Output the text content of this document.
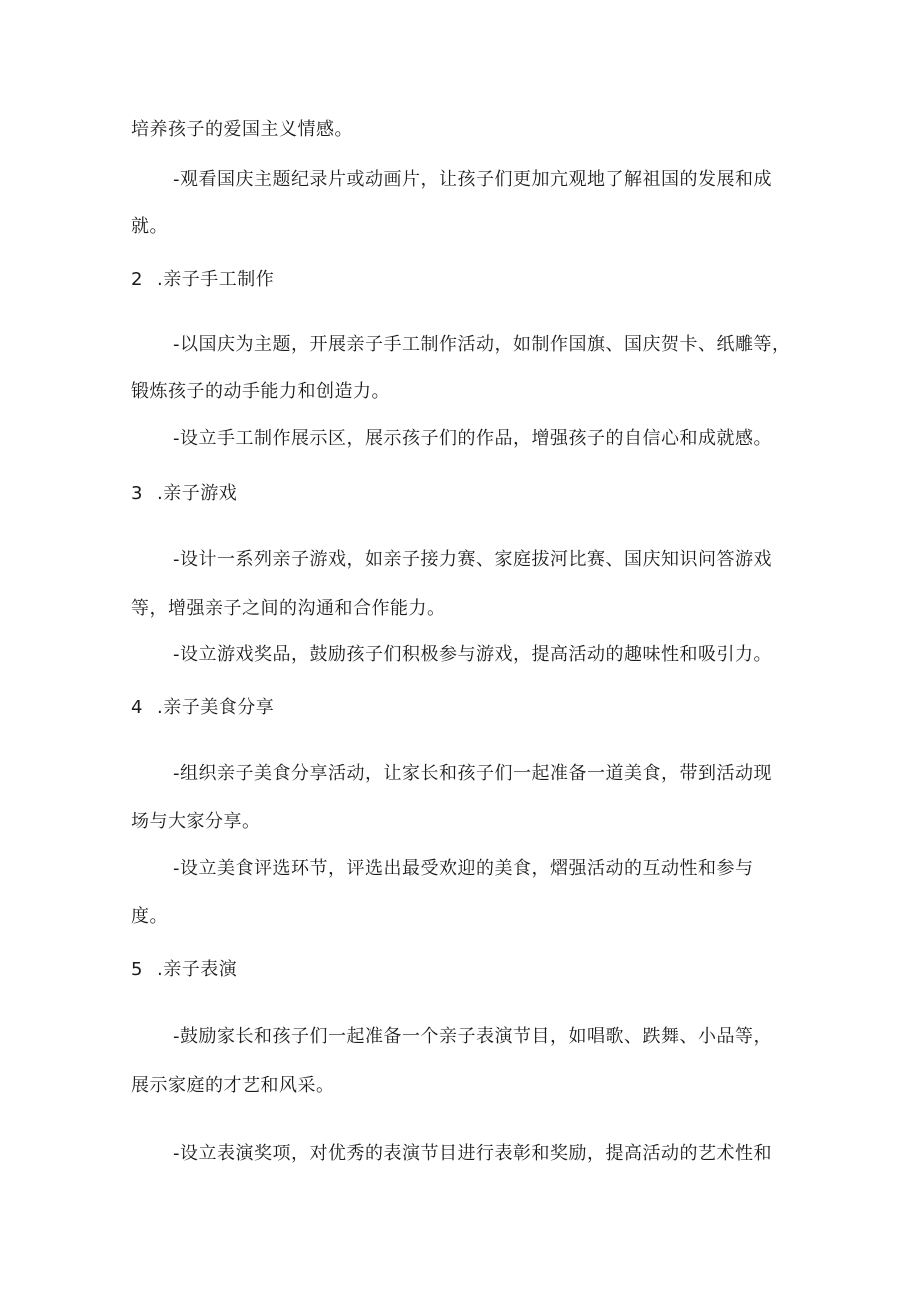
培养孩子的爱国主义情感。
-观看国庆主题纪录片或动画片，让孩子们更加亢观地了解祖国的发展和成
就。
2 .亲子手工制作
-以国庆为主题，开展亲子手工制作活动，如制作国旗、国庆贺卡、纸雕等，
锻炼孩子的动手能力和创造力。
-设立手工制作展示区，展示孩子们的作品，增强孩子的自信心和成就感。
3 .亲子游戏
-设计一系列亲子游戏，如亲子接力赛、家庭拔河比赛、国庆知识问答游戏
等，增强亲子之间的沟通和合作能力。
-设立游戏奖品，鼓励孩子们积极参与游戏，提高活动的趣味性和吸引力。
4 .亲子美食分享
-组织亲子美食分享活动，让家长和孩子们一起准备一道美食，带到活动现
场与大家分享。
-设立美食评选环节，评选出最受欢迎的美食，熠强活动的互动性和参与
度。
5 .亲子表演
-鼓励家长和孩子们一起准备一个亲子表演节目，如唱歌、跌舞、小品等，
展示家庭的才艺和风采。
-设立表演奖项，对优秀的表演节目进行表彰和奖励，提高活动的艺术性和
